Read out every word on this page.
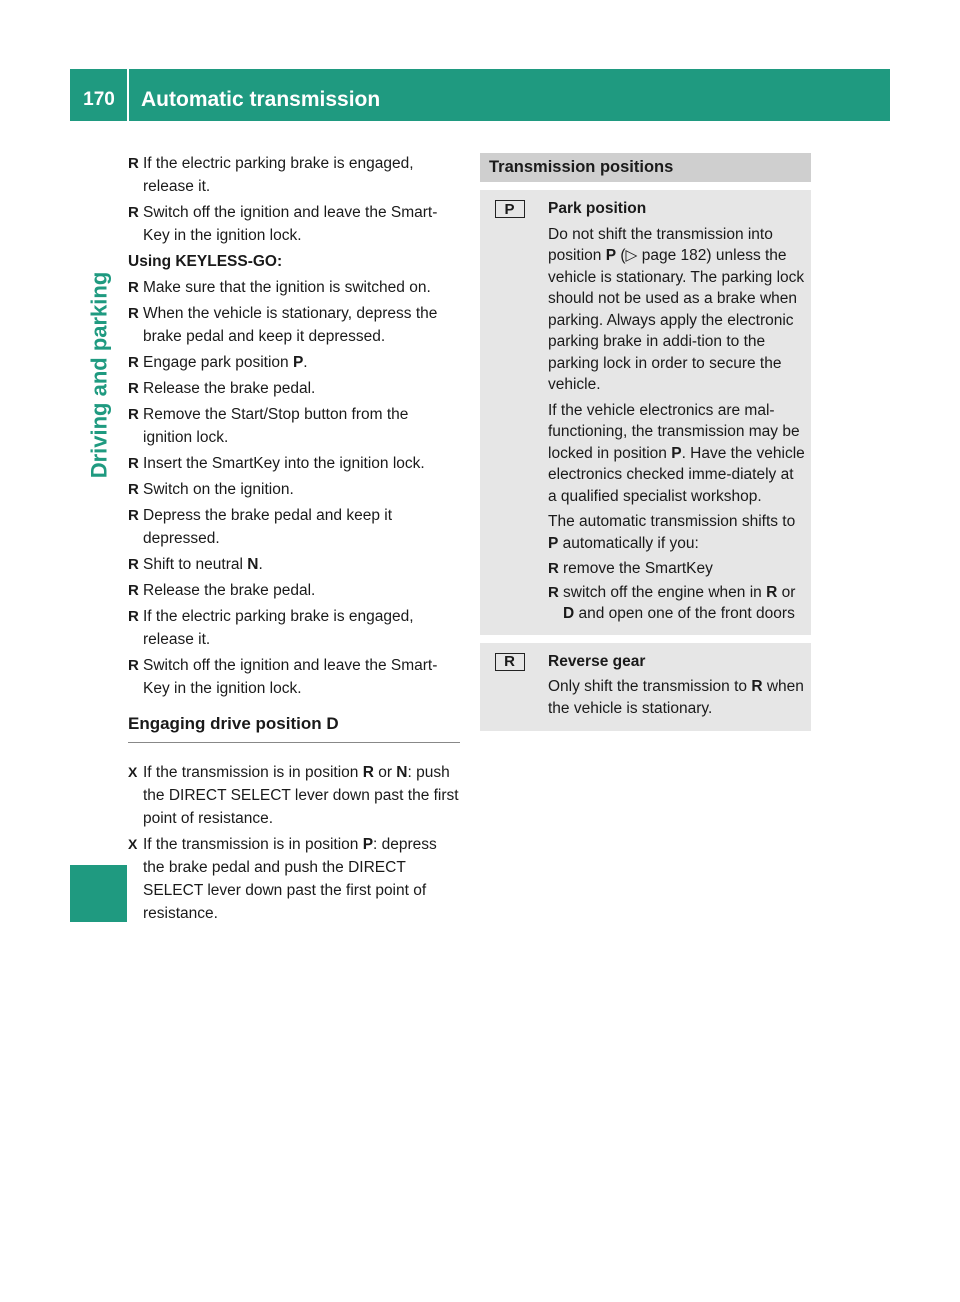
170	Automatic transmission
Driving and parking
R If the electric parking brake is engaged, release it.
R Switch off the ignition and leave the Smart-Key in the ignition lock.
Using KEYLESS-GO:
R Make sure that the ignition is switched on.
R When the vehicle is stationary, depress the brake pedal and keep it depressed.
R Engage park position P.
R Release the brake pedal.
R Remove the Start/Stop button from the ignition lock.
R Insert the SmartKey into the ignition lock.
R Switch on the ignition.
R Depress the brake pedal and keep it depressed.
R Shift to neutral N.
R Release the brake pedal.
R If the electric parking brake is engaged, release it.
R Switch off the ignition and leave the Smart-Key in the ignition lock.
Engaging drive position D
X If the transmission is in position R or N: push the DIRECT SELECT lever down past the first point of resistance.
X If the transmission is in position P: depress the brake pedal and push the DIRECT SELECT lever down past the first point of resistance.
Transmission positions
P	Park position

Do not shift the transmission into position P (▷ page 182) unless the vehicle is stationary. The parking lock should not be used as a brake when parking. Always apply the electronic parking brake in addi-tion to the parking lock in order to secure the vehicle.

If the vehicle electronics are mal-functioning, the transmission may be locked in position P. Have the vehicle electronics checked imme-diately at a qualified specialist workshop.

The automatic transmission shifts to P automatically if you:

R remove the SmartKey
R switch off the engine when in R or D and open one of the front doors
R	Reverse gear

Only shift the transmission to R when the vehicle is stationary.
